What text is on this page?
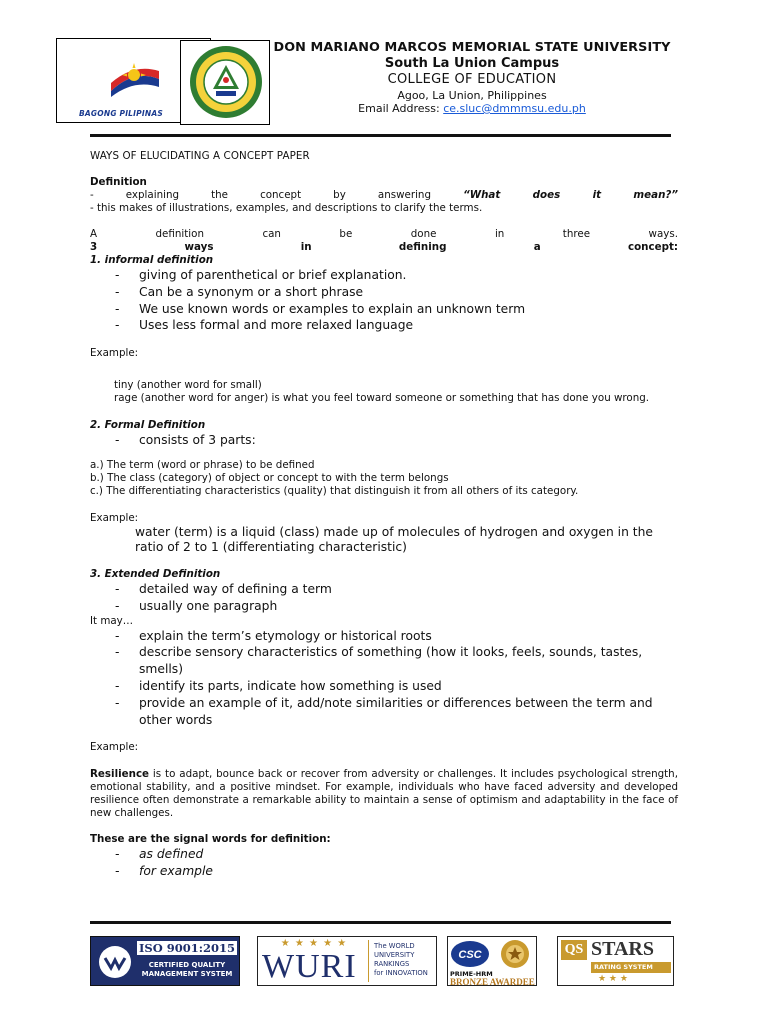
BAGONG PILIPINAS
DON MARIANO MARCOS MEMORIAL STATE UNIVERSITY
South La Union Campus
COLLEGE OF EDUCATION
Agoo, La Union, Philippines
Email Address: ce.sluc@dmmmsu.edu.ph
WAYS OF ELUCIDATING A CONCEPT PAPER
Definition
- explaining the concept by answering	“What does it mean?”
- this makes of illustrations, examples, and descriptions to clarify the terms.
A definition can be done in three ways.
3 ways in defining a concept:
1. informal definition
- giving of parenthetical or brief explanation.
- Can be a synonym or a short phrase
- We use known words or examples to explain an unknown term
- Uses less formal and more relaxed language
Example:
tiny (another word for small)
rage (another word for anger) is what you feel toward someone or something that has done you wrong.
2. Formal Definition
- consists of 3 parts:
a.) The term (word or phrase) to be defined
b.) The class (category) of object or concept to with the term belongs
c.) The differentiating characteristics (quality) that distinguish it from all others of its category.
Example:
water (term) is a liquid (class) made up of molecules of hydrogen and oxygen in the ratio of 2 to 1 (differentiating characteristic)
3. Extended Definition
- detailed way of defining a term
- usually one paragraph
It may…
- explain the term’s etymology or historical roots
- describe sensory characteristics of something (how it looks, feels, sounds, tastes, smells)
- identify its parts, indicate how something is used
- provide an example of it, add/note similarities or differences between the term and other words
Example:
Resilience is to adapt, bounce back or recover from adversity or challenges. It includes psychological strength, emotional stability, and a positive mindset. For example, individuals who have faced adversity and developed resilience often demonstrate a remarkable ability to maintain a sense of optimism and adaptability in the face of new challenges.
These are the signal words for definition:
- as defined
- for example
ISO 9001:2015
CERTIFIED QUALITY
MANAGEMENT SYSTEM
★ ★ ★ ★ ★
WURI
The WORLD
UNIVERSITY
RANKINGS
for INNOVATION
CSC
PRIME-HRM
BRONZE AWARDEE
QS STARS
RATING SYSTEM
★ ★ ★
